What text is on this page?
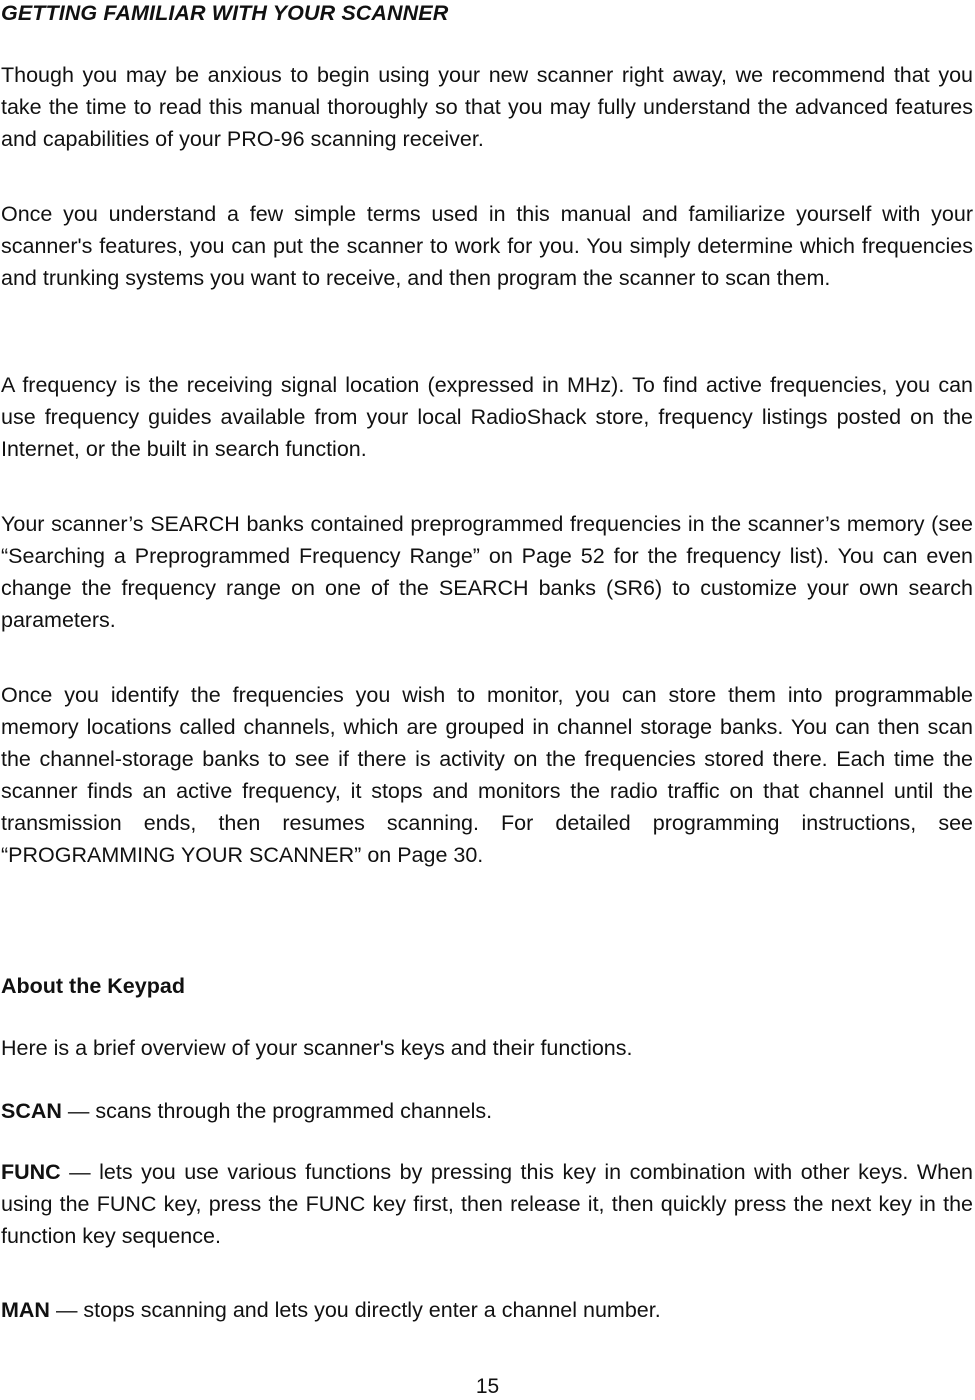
GETTING FAMILIAR WITH YOUR SCANNER

Though you may be anxious to begin using your new scanner right away, we recommend that you take the time to read this manual thoroughly so that you may fully understand the advanced features and capabilities of your PRO-96 scanning receiver.

Once you understand a few simple terms used in this manual and familiarize yourself with your scanner's features, you can put the scanner to work for you. You simply determine which frequencies and trunking systems you want to receive, and then program the scanner to scan them.

A frequency is the receiving signal location (expressed in MHz). To find active frequencies, you can use frequency guides available from your local RadioShack store, frequency listings posted on the Internet, or the built in search function.

Your scanner’s SEARCH banks contained preprogrammed frequencies in the scanner’s memory (see “Searching a Preprogrammed Frequency Range” on Page 52 for the frequency list). You can even change the frequency range on one of the SEARCH banks (SR6) to customize your own search parameters.

Once you identify the frequencies you wish to monitor, you can store them into programmable memory locations called channels, which are grouped in channel storage banks. You can then scan the channel-storage banks to see if there is activity on the frequencies stored there. Each time the scanner finds an active frequency, it stops and monitors the radio traffic on that channel until the transmission ends, then resumes scanning. For detailed programming instructions, see “PROGRAMMING YOUR SCANNER” on Page 30.

About the Keypad

Here is a brief overview of your scanner's keys and their functions.

SCAN — scans through the programmed channels.

FUNC — lets you use various functions by pressing this key in combination with other keys. When using the FUNC key, press the FUNC key first, then release it, then quickly press the next key in the function key sequence.

MAN — stops scanning and lets you directly enter a channel number.

15
